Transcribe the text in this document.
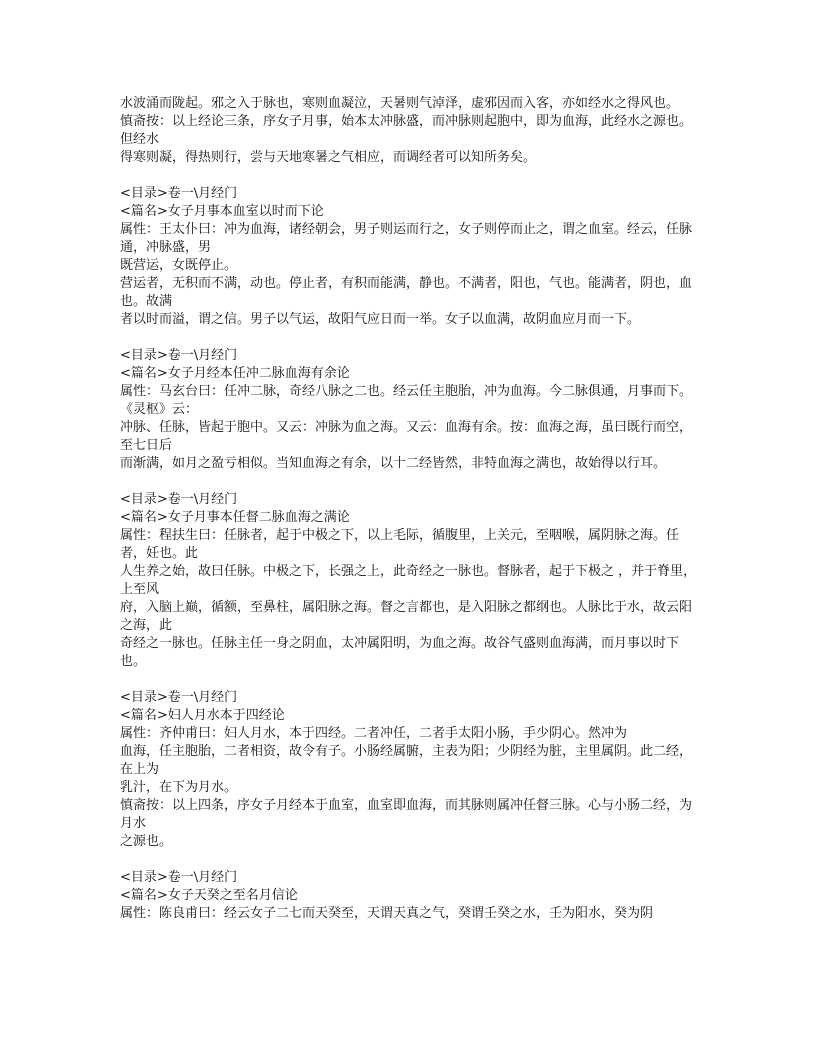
水波涌而陇起。邪之入于脉也，寒则血凝泣，天暑则气淖泽，虚邪因而入客，亦如经水之得风也。
慎斋按：以上经论三条，序女子月事，始本太冲脉盛，而冲脉则起胞中，即为血海，此经水之源也。但经水
得寒则凝，得热则行，尝与天地寒暑之气相应，而调经者可以知所务矣。
<目录>卷一\月经门
<篇名>女子月事本血室以时而下论
属性：王太仆曰：冲为血海，诸经朝会，男子则运而行之，女子则停而止之，谓之血室。经云，任脉通，冲脉盛，男
既营运，女既停止。
营运者，无积而不满，动也。停止者，有积而能满，静也。不满者，阳也，气也。能满者，阴也，血也。故满
者以时而溢，谓之信。男子以气运，故阳气应日而一举。女子以血满，故阴血应月而一下。
<目录>卷一\月经门
<篇名>女子月经本任冲二脉血海有余论
属性：马玄台曰：任冲二脉，奇经八脉之二也。经云任主胞胎，冲为血海。今二脉俱通，月事而下。《灵枢》云：
冲脉、任脉，皆起于胞中。又云：冲脉为血之海。又云：血海有余。按：血海之海，虽曰既行而空，至七日后
而渐满，如月之盈亏相似。当知血海之有余，以十二经皆然，非特血海之满也，故始得以行耳。
<目录>卷一\月经门
<篇名>女子月事本任督二脉血海之满论
属性：程扶生曰：任脉者，起于中极之下，以上毛际，循腹里，上关元，至咽喉，属阴脉之海。任者，妊也。此
人生养之始，故曰任脉。中极之下，长强之上，此奇经之一脉也。督脉者，起于下极之 ，并于脊里，上至风
府，入脑上巅，循额，至鼻柱，属阳脉之海。督之言都也，是入阳脉之都纲也。人脉比于水，故云阳之海，此
奇经之一脉也。任脉主任一身之阴血，太冲属阳明，为血之海。故谷气盛则血海满，而月事以时下也。
<目录>卷一\月经门
<篇名>妇人月水本于四经论
属性：齐仲甫曰：妇人月水，本于四经。二者冲任，二者手太阳小肠，手少阴心。然冲为
血海，任主胞胎，二者相资，故令有子。小肠经属腑，主表为阳；少阴经为脏，主里属阴。此二经，在上为
乳汁，在下为月水。
慎斋按：以上四条，序女子月经本于血室，血室即血海，而其脉则属冲任督三脉。心与小肠二经，为月水
之源也。
<目录>卷一\月经门
<篇名>女子天癸之至名月信论
属性：陈良甫曰：经云女子二七而天癸至，天谓天真之气，癸谓壬癸之水，壬为阳水，癸为阴
